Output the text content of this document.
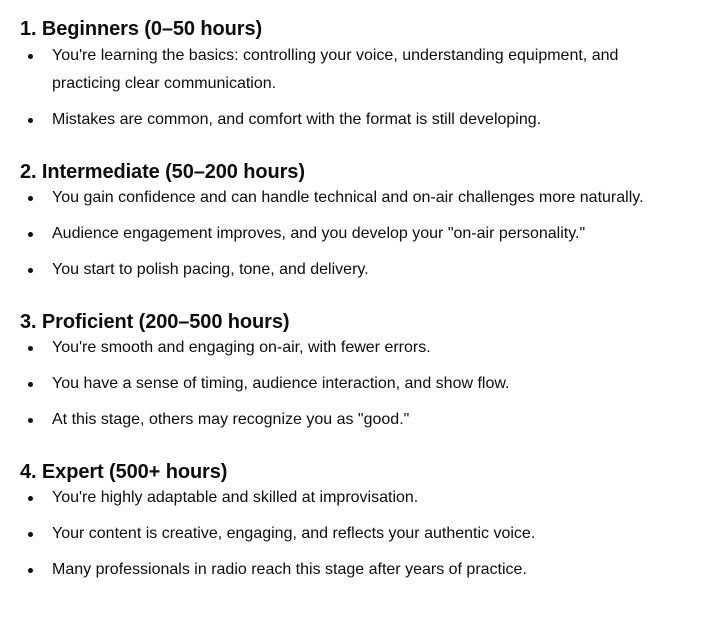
1. Beginners (0–50 hours)
You're learning the basics: controlling your voice, understanding equipment, and practicing clear communication.
Mistakes are common, and comfort with the format is still developing.
2. Intermediate (50–200 hours)
You gain confidence and can handle technical and on-air challenges more naturally.
Audience engagement improves, and you develop your "on-air personality."
You start to polish pacing, tone, and delivery.
3. Proficient (200–500 hours)
You're smooth and engaging on-air, with fewer errors.
You have a sense of timing, audience interaction, and show flow.
At this stage, others may recognize you as "good."
4. Expert (500+ hours)
You're highly adaptable and skilled at improvisation.
Your content is creative, engaging, and reflects your authentic voice.
Many professionals in radio reach this stage after years of practice.
